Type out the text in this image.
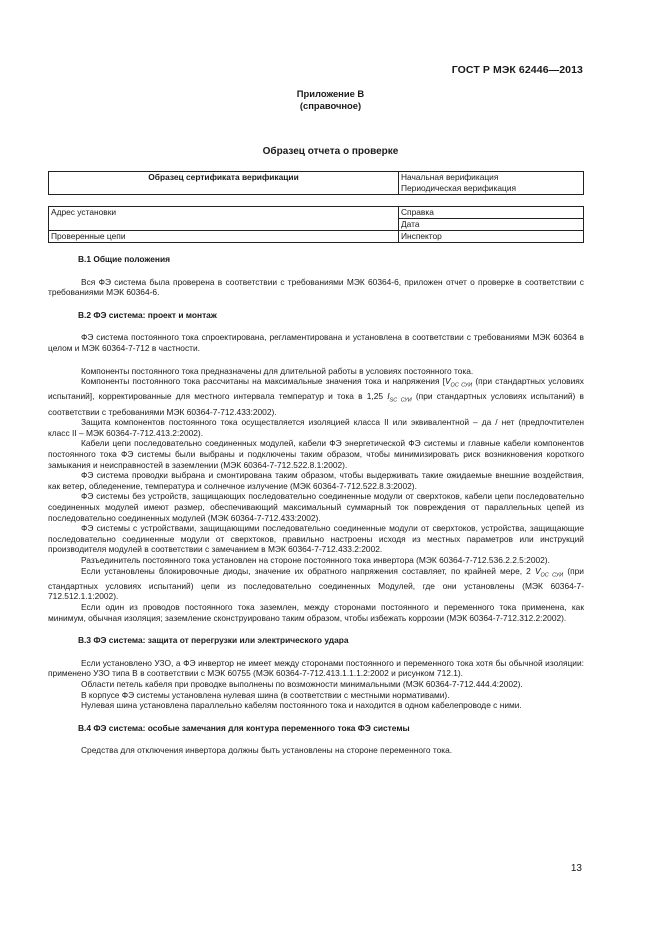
ГОСТ Р МЭК 62446—2013
Приложение В
(справочное)
Образец отчета о проверке
Образец сертификата верификации	Начальная верификация
Периодическая верификация
Адрес установки	Справка
	Дата
Проверенные цепи	Инспектор
В.1 Общие положения

Вся ФЭ система была проверена в соответствии с требованиями МЭК 60364-6, приложен отчет о проверке в соответствии с требованиями МЭК 60364-6.

В.2 ФЭ система: проект и монтаж

ФЭ система постоянного тока спроектирована, регламентирована и установлена в соответствии с требованиями МЭК 60364 в целом и МЭК 60364-7-712 в частности.

Компоненты постоянного тока предназначены для длительной работы в условиях постоянного тока.

Компоненты постоянного тока рассчитаны на максимальные значения тока и напряжения [$V_{OC СУИ}$ (при стандартных условиях испытаний], корректированные для местного интервала температур и тока в 1,25 $I_{SC СУИ}$ (при стандартных условиях испытаний) в соответствии с требованиями МЭК 60364-7-712.433:2002).

Защита компонентов постоянного тока осуществляется изоляцией класса II или эквивалентной – да / нет (предпочтителен класс II – МЭК 60364-7-712.413.2:2002).

Кабели цепи последовательно соединенных модулей, кабели ФЭ энергетической ФЭ системы и главные кабели компонентов постоянного тока ФЭ системы были выбраны и подключены таким образом, чтобы минимизировать риск возникновения короткого замыкания и неисправностей в заземлении (МЭК 60364-7-712.522.8.1:2002).

ФЭ система проводки выбрана и смонтирована таким образом, чтобы выдерживать такие ожидаемые внешние воздействия, как ветер, обледенение, температура и солнечное излучение (МЭК 60364-7-712.522.8.3:2002).

ФЭ системы без устройств, защищающих последовательно соединенные модули от сверхтоков, кабели цепи последовательно соединенных модулей имеют размер, обеспечивающий максимальный суммарный ток повреждения от параллельных цепей из последовательно соединенных модулей (МЭК 60364-7-712.433:2002).

ФЭ системы с устройствами, защищающими последовательно соединенные модули от сверхтоков, устройства, защищающие последовательно соединенные модули от сверхтоков, правильно настроены исходя из местных параметров или инструкций производителя модулей в соответствии с замечанием в МЭК 60364-7-712.433.2:2002.

Разъединитель постоянного тока установлен на стороне постоянного тока инвертора (МЭК 60364-7-712.536.2.2.5:2002).

Если установлены блокировочные диоды, значение их обратного напряжения составляет, по крайней мере, 2 $V_{OC СУИ}$ (при стандартных условиях испытаний) цепи из последовательно соединенных Модулей, где они установлены (МЭК 60364-7-712.512.1.1:2002).

Если один из проводов постоянного тока заземлен, между сторонами постоянного и переменного тока применена, как минимум, обычная изоляция; заземление сконструировано таким образом, чтобы избежать коррозии (МЭК 60364-7-712.312.2:2002).

В.3 ФЭ система: защита от перегрузки или электрического удара

Если установлено УЗО, а ФЭ инвертор не имеет между сторонами постоянного и переменного тока хотя бы обычной изоляции: применено УЗО типа В в соответствии с МЭК 60755 (МЭК 60364-7-712.413.1.1.1.2:2002 и рисунком 712.1).

Области петель кабеля при проводке выполнены по возможности минимальными (МЭК 60364-7-712.444.4:2002).

В корпусе ФЭ системы установлена нулевая шина (в соответствии с местными нормативами).

Нулевая шина установлена параллельно кабелям постоянного тока и находится в одном кабелепроводе с ними.

В.4 ФЭ система: особые замечания для контура переменного тока ФЭ системы

Средства для отключения инвертора должны быть установлены на стороне переменного тока.

13
